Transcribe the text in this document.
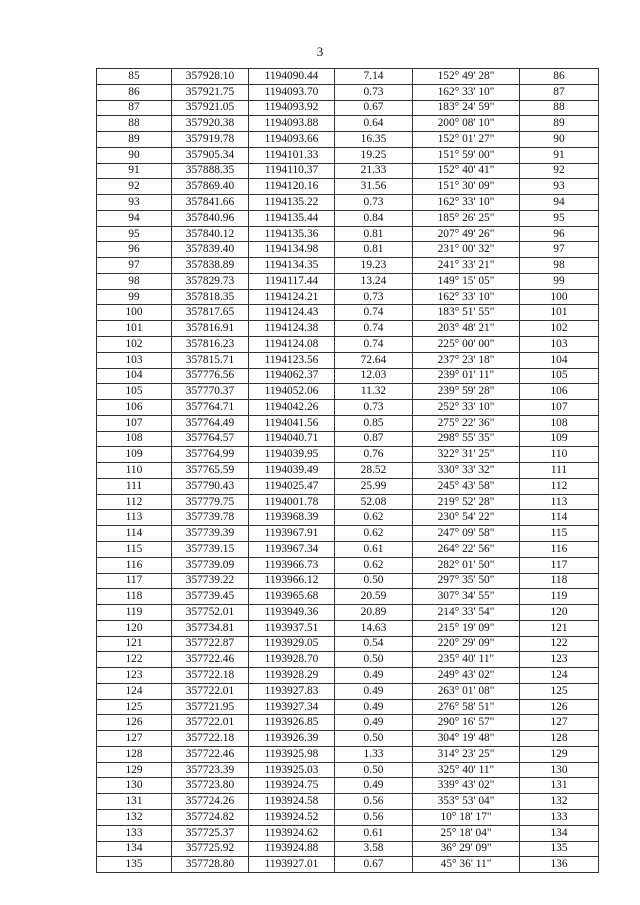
3
85	357928.10	1194090.44	7.14	152° 49' 28"	86
86	357921.75	1194093.70	0.73	162° 33' 10"	87
87	357921.05	1194093.92	0.67	183° 24' 59"	88
88	357920.38	1194093.88	0.64	200° 08' 10"	89
89	357919.78	1194093.66	16.35	152° 01' 27"	90
90	357905.34	1194101.33	19.25	151° 59' 00"	91
91	357888.35	1194110.37	21.33	152° 40' 41"	92
92	357869.40	1194120.16	31.56	151° 30' 09"	93
93	357841.66	1194135.22	0.73	162° 33' 10"	94
94	357840.96	1194135.44	0.84	185° 26' 25"	95
95	357840.12	1194135.36	0.81	207° 49' 26"	96
96	357839.40	1194134.98	0.81	231° 00' 32"	97
97	357838.89	1194134.35	19.23	241° 33' 21"	98
98	357829.73	1194117.44	13.24	149° 15' 05"	99
99	357818.35	1194124.21	0.73	162° 33' 10"	100
100	357817.65	1194124.43	0.74	183° 51' 55"	101
101	357816.91	1194124.38	0.74	203° 48' 21"	102
102	357816.23	1194124.08	0.74	225° 00' 00"	103
103	357815.71	1194123.56	72.64	237° 23' 18"	104
104	357776.56	1194062.37	12.03	239° 01' 11"	105
105	357770.37	1194052.06	11.32	239° 59' 28"	106
106	357764.71	1194042.26	0.73	252° 33' 10"	107
107	357764.49	1194041.56	0.85	275° 22' 36"	108
108	357764.57	1194040.71	0.87	298° 55' 35"	109
109	357764.99	1194039.95	0.76	322° 31' 25"	110
110	357765.59	1194039.49	28.52	330° 33' 32"	111
111	357790.43	1194025.47	25.99	245° 43' 58"	112
112	357779.75	1194001.78	52.08	219° 52' 28"	113
113	357739.78	1193968.39	0.62	230° 54' 22"	114
114	357739.39	1193967.91	0.62	247° 09' 58"	115
115	357739.15	1193967.34	0.61	264° 22' 56"	116
116	357739.09	1193966.73	0.62	282° 01' 50"	117
117	357739.22	1193966.12	0.50	297° 35' 50"	118
118	357739.45	1193965.68	20.59	307° 34' 55"	119
119	357752.01	1193949.36	20.89	214° 33' 54"	120
120	357734.81	1193937.51	14.63	215° 19' 09"	121
121	357722.87	1193929.05	0.54	220° 29' 09"	122
122	357722.46	1193928.70	0.50	235° 40' 11"	123
123	357722.18	1193928.29	0.49	249° 43' 02"	124
124	357722.01	1193927.83	0.49	263° 01' 08"	125
125	357721.95	1193927.34	0.49	276° 58' 51"	126
126	357722.01	1193926.85	0.49	290° 16' 57"	127
127	357722.18	1193926.39	0.50	304° 19' 48"	128
128	357722.46	1193925.98	1.33	314° 23' 25"	129
129	357723.39	1193925.03	0.50	325° 40' 11"	130
130	357723.80	1193924.75	0.49	339° 43' 02"	131
131	357724.26	1193924.58	0.56	353° 53' 04"	132
132	357724.82	1193924.52	0.56	10° 18' 17"	133
133	357725.37	1193924.62	0.61	25° 18' 04"	134
134	357725.92	1193924.88	3.58	36° 29' 09"	135
135	357728.80	1193927.01	0.67	45° 36' 11"	136
